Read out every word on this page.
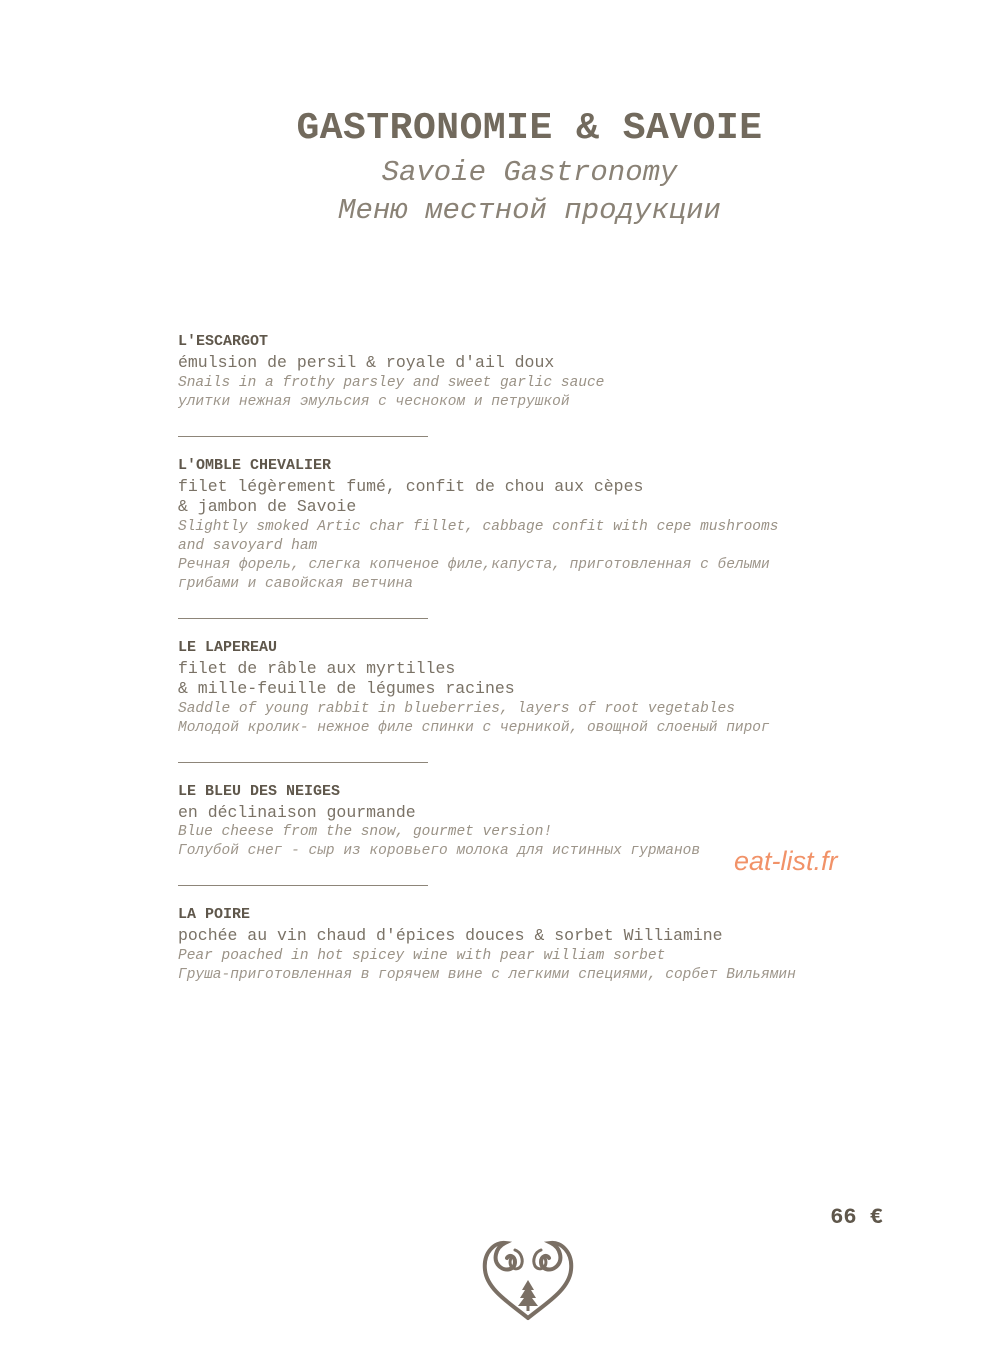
GASTRONOMIE & SAVOIE
Savoie Gastronomy
Меню местной продукции
L'ESCARGOT
émulsion de persil & royale d'ail doux
Snails in a frothy parsley and sweet garlic sauce
улитки нежная эмульсия с чесноком и петрушкой
L'OMBLE CHEVALIER
filet légèrement fumé, confit de chou aux cèpes
& jambon de Savoie
Slightly smoked Artic char fillet, cabbage confit with cepe mushrooms
and savoyard ham
Речная форель, слегка копченое филе,капуста, приготовленная с белыми
грибами и савойская ветчина
LE LAPEREAU
filet de râble aux myrtilles
& mille-feuille de légumes racines
Saddle of young rabbit in blueberries, layers of root vegetables
Молодой кролик- нежное филе спинки с черникой, овощной слоеный пирог
LE BLEU DES NEIGES
en déclinaison gourmande
Blue cheese from the snow, gourmet version!
Голубой снег - сыр из коровьего молока для истинных гурманов
LA POIRE
pochée au vin chaud d'épices douces & sorbet Williamine
Pear poached in hot spicey wine with pear william sorbet
Груша-приготовленная в горячем вине с легкими специями, сорбет Вильямин
eat-list.fr
66 €
